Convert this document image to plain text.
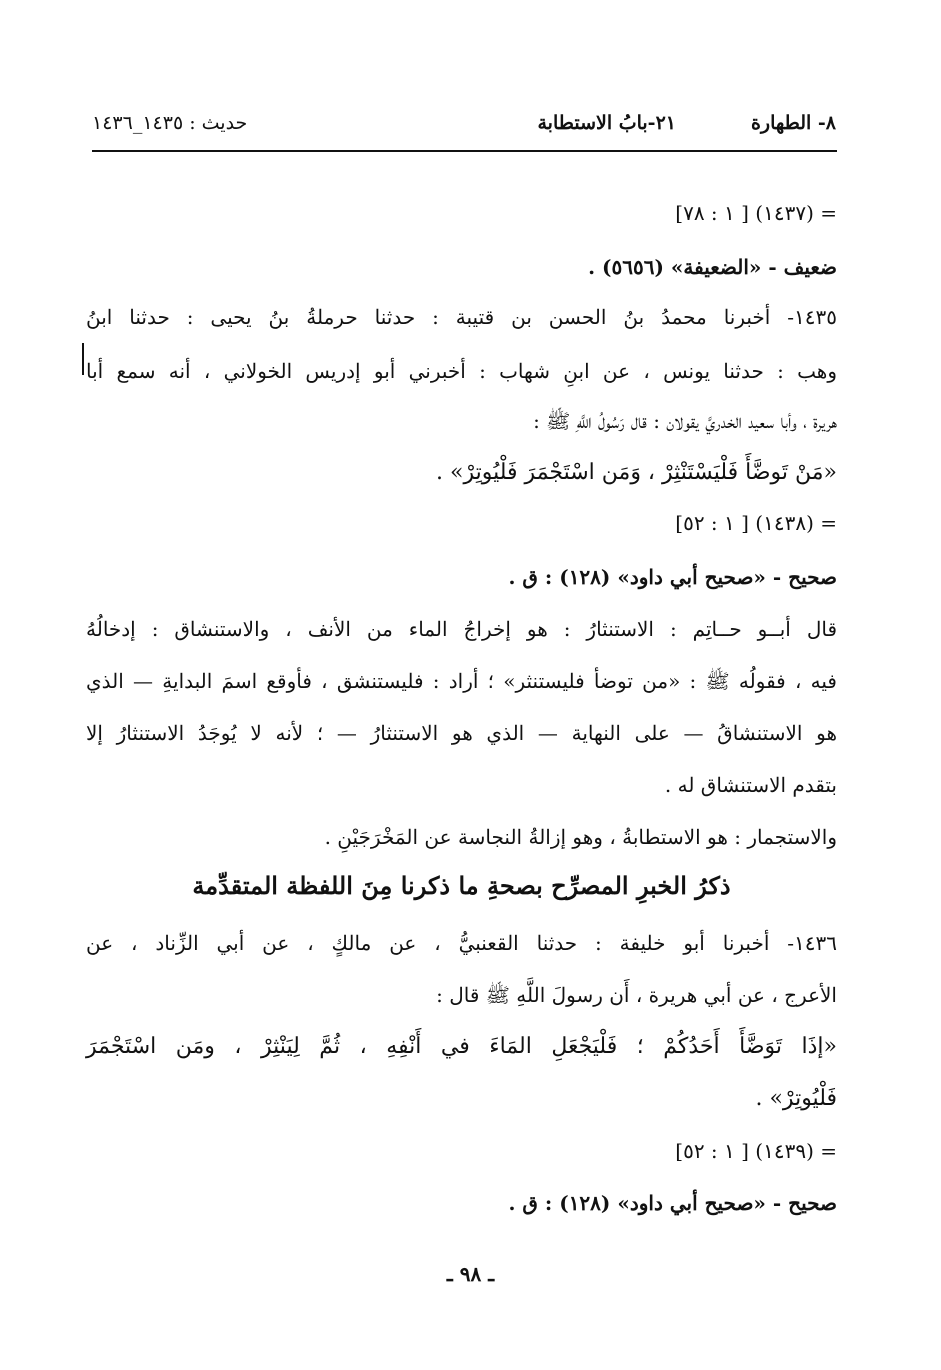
٨- الطهارة
٢١-بابُ الاستطابة
حديث : ١٤٣٥_١٤٣٦
= (١٤٣٧) [ ١ : ٧٨]
ضعيف - «الضعيفة» (٥٦٥٦) .
١٤٣٥- أخبرنا محمدُ بنُ الحسن بن قتيبة : حدثنا حرملةُ بنُ يحيى : حدثنا ابنُ
وهب : حدثنا يونس ، عن ابنِ شهاب : أخبرني أبو إدريس الخولاني ، أنه سمع أبا
هريرة ، وأبا سعيد الخدريَّ يقولان : قال رَسُولُ اللَّهِ ﷺ :
«مَنْ تَوضَّأَ فَلْيَسْتَنْثِرْ ، وَمَن اسْتَجْمَرَ فَلْيُوتِرْ» .
= (١٤٣٨) [ ١ : ٥٢]
صحيح - «صحيح أبي داود» (١٢٨) : ق .
قال أبــو حــاتِم : الاستنثارُ : هو إخراجُ الماء من الأنف ، والاستنشاق : إدخالُهُ
فيه ، فقولُه ﷺ : «من توضأ فليستنثر» ؛ أراد : فليستنشق ، فأوقع اسمَ البدايةِ — الذي
هو الاستنشاقُ — على النهاية — الذي هو الاستنثارُ — ؛ لأنه لا يُوجَدُ الاستنثارُ إلا
بتقدم الاستنشاق له .
والاستجمار : هو الاستطابةُ ، وهو إزالةُ النجاسة عن المَخْرَجَيْنِ .
ذكرُ الخبرِ المصرِّح بصحةِ ما ذكرنا مِنَ اللفظة المتقدِّمة
١٤٣٦- أخبرنا أبو خليفة : حدثنا القعنبيُّ ، عن مالكٍ ، عن أبي الزِّناد ، عن
الأعرج ، عن أبي هريرة ، أَن رسولَ اللَّهِ ﷺ قال :
«إذَا تَوَضَّأَ أَحَدُكُمْ ؛ فَلْيَجْعَلِ المَاءَ في أَنْفِهِ ، ثُمَّ لِيَنْثِرْ ، ومَن اسْتَجْمَرَ
فَلْيُوتِرْ» .
= (١٤٣٩) [ ١ : ٥٢]
صحيح - «صحيح أبي داود» (١٢٨) : ق .
ـ ٩٨ ـ
